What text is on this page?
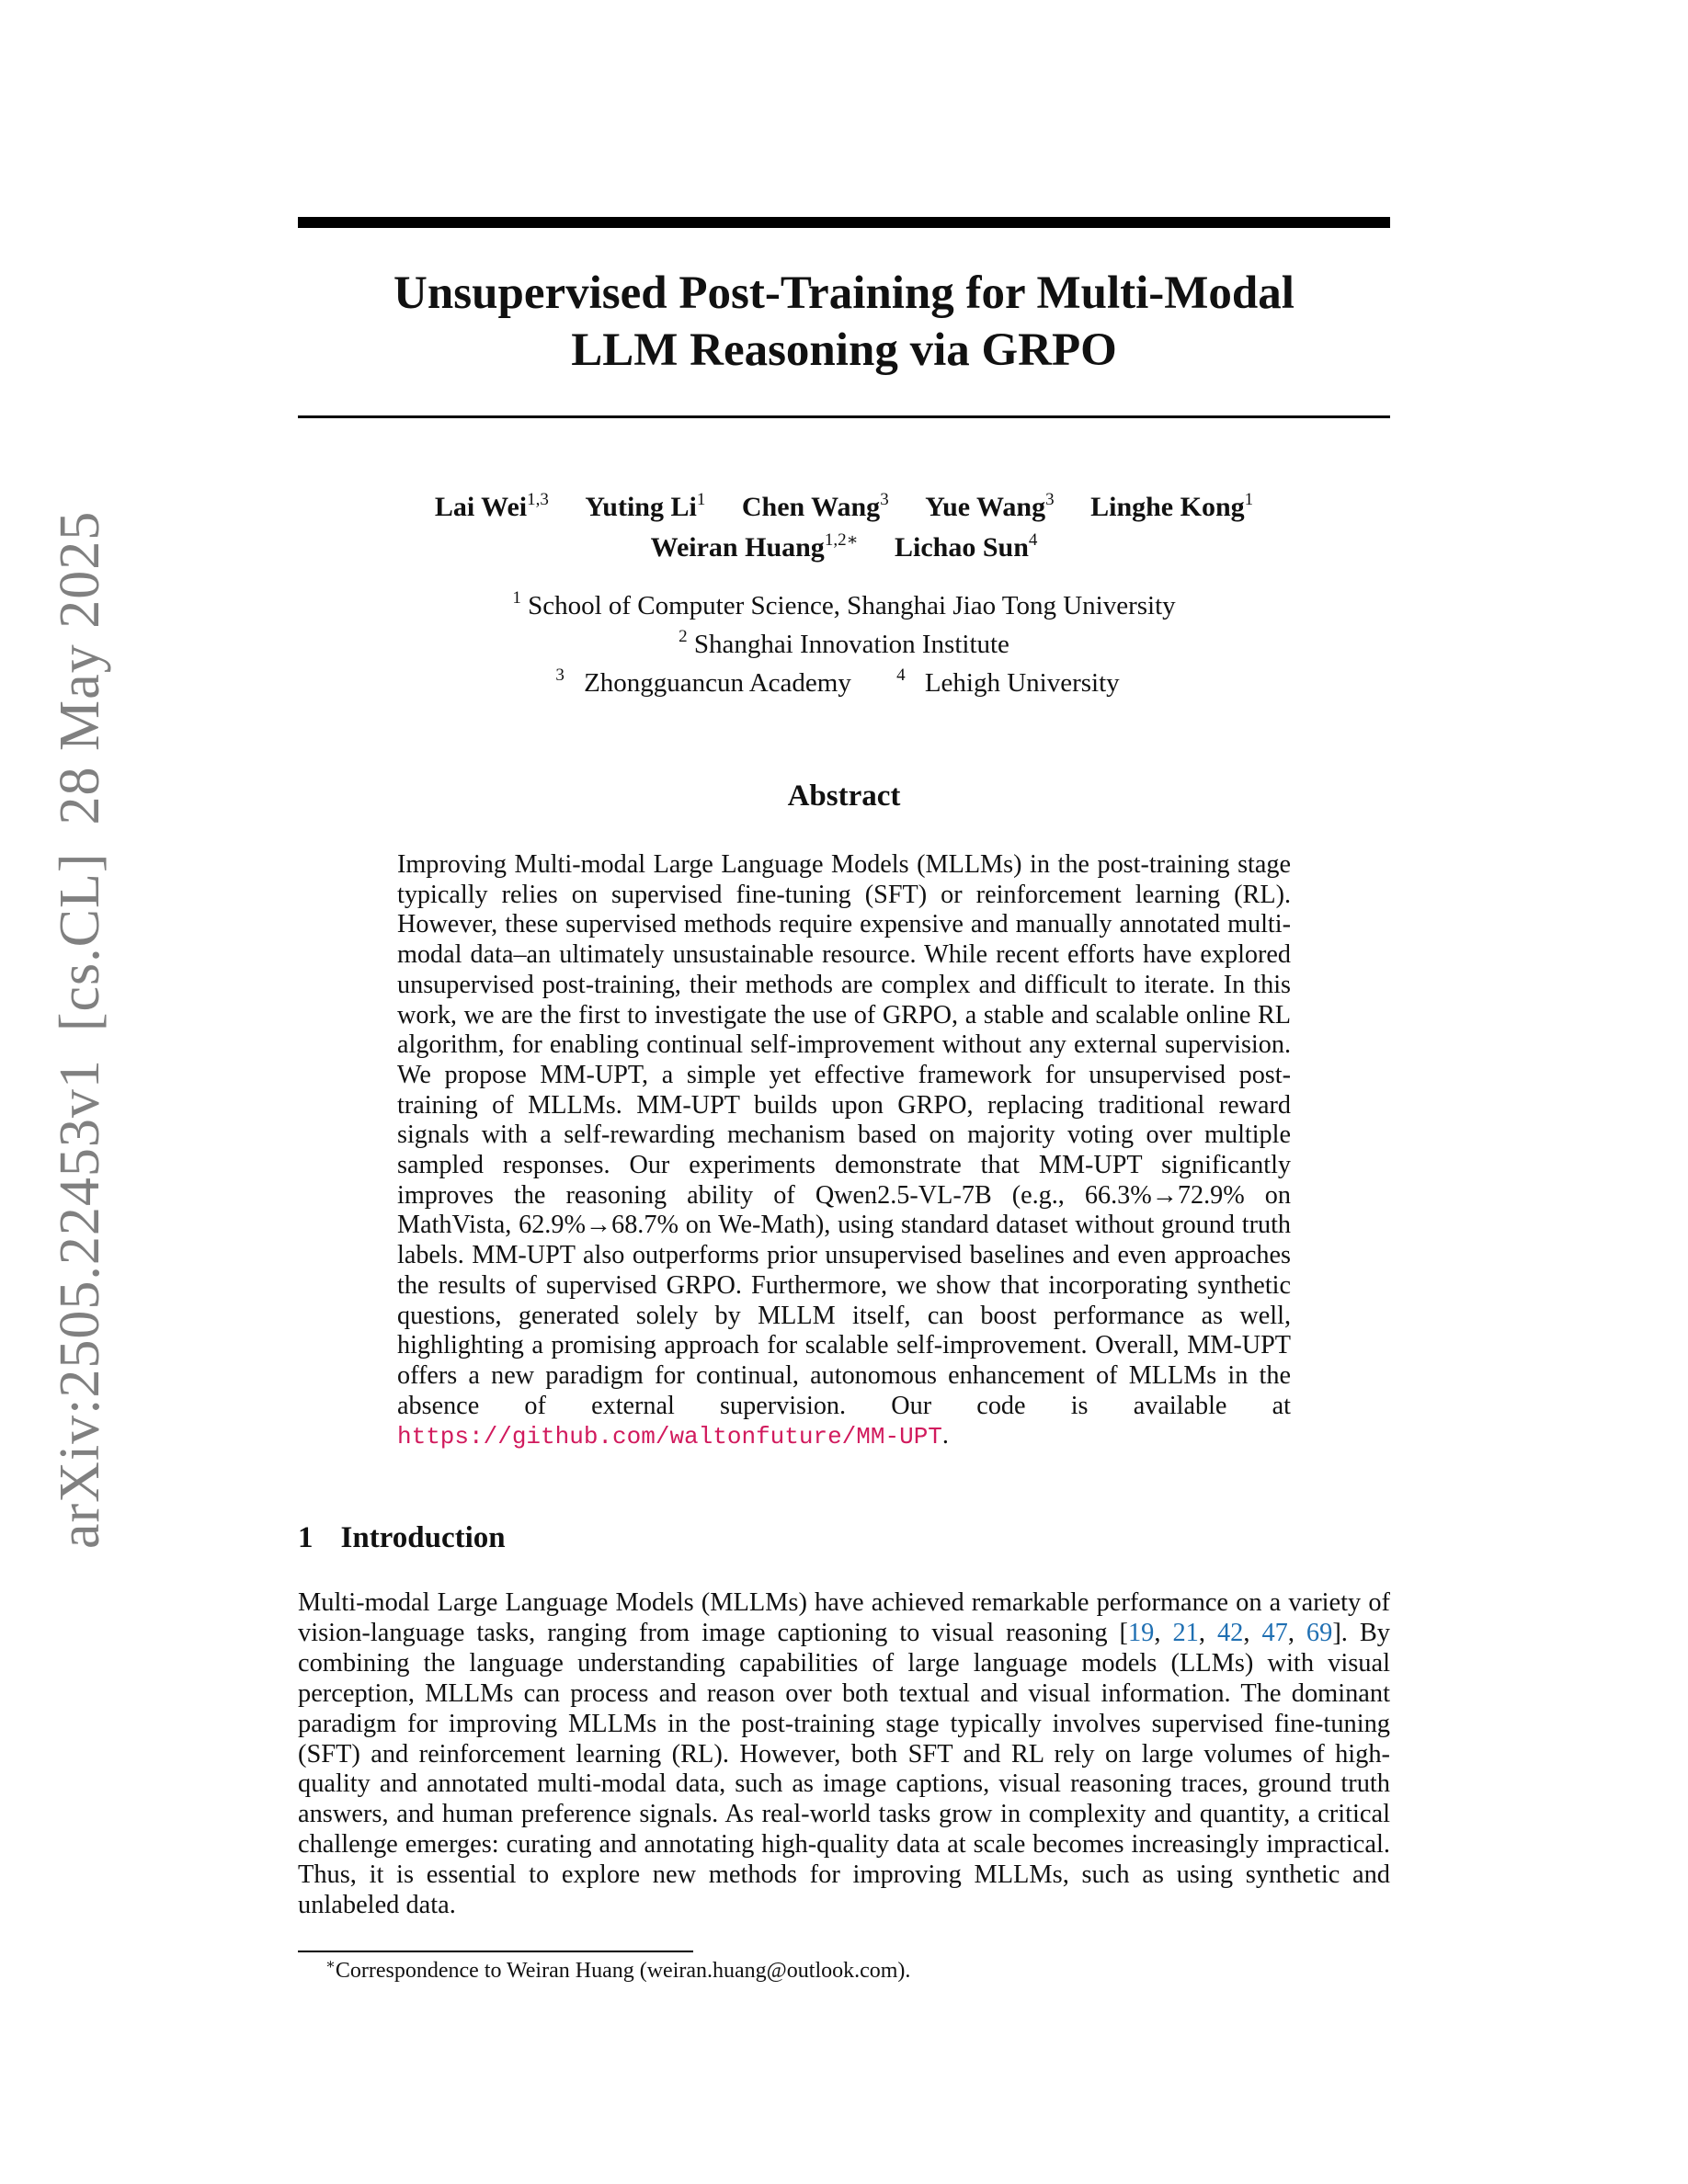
arXiv:2505.22453v1[cs.CL]28 May 2025
Unsupervised Post-Training for Multi-Modal
LLM Reasoning via GRPO
Lai Wei$^{1,3}$ Yuting Li$^1$ Chen Wang$^3$ Yue Wang$^3$ Linghe Kong$^1$
Weiran Huang$^{1,2∗}$ Lichao Sun$^4$
$^1$ School of Computer Science, Shanghai Jiao Tong University
$^2$ Shanghai Innovation Institute
$^3$ Zhongguancun Academy	$^4$ Lehigh University
Abstract
Improving Multi-modal Large Language Models (MLLMs) in the post-training stage typically relies on supervised fine-tuning (SFT) or reinforcement learning (RL). However, these supervised methods require expensive and manually annotated multi-modal data–an ultimately unsustainable resource. While recent efforts have explored unsupervised post-training, their methods are complex and difficult to iterate. In this work, we are the first to investigate the use of GRPO, a stable and scalable online RL algorithm, for enabling continual self-improvement without any external supervision. We propose MM-UPT, a simple yet effective framework for unsupervised post-training of MLLMs. MM-UPT builds upon GRPO, replacing traditional reward signals with a self-rewarding mechanism based on majority voting over multiple sampled responses. Our experiments demonstrate that MM-UPT significantly improves the reasoning ability of Qwen2.5-VL-7B (e.g., 66.3%→72.9% on MathVista, 62.9%→68.7% on We-Math), using standard dataset without ground truth labels. MM-UPT also outperforms prior unsupervised baselines and even approaches the results of supervised GRPO. Furthermore, we show that incorporating synthetic questions, generated solely by MLLM itself, can boost performance as well, highlighting a promising approach for scalable self-improvement. Overall, MM-UPT offers a new paradigm for continual, autonomous enhancement of MLLMs in the absence of external supervision. Our code is available at https://github.com/waltonfuture/MM-UPT.
1 Introduction
Multi-modal Large Language Models (MLLMs) have achieved remarkable performance on a variety of vision-language tasks, ranging from image captioning to visual reasoning [19, 21, 42, 47, 69]. By combining the language understanding capabilities of large language models (LLMs) with visual perception, MLLMs can process and reason over both textual and visual information. The dominant paradigm for improving MLLMs in the post-training stage typically involves supervised fine-tuning (SFT) and reinforcement learning (RL). However, both SFT and RL rely on large volumes of high-quality and annotated multi-modal data, such as image captions, visual reasoning traces, ground truth answers, and human preference signals. As real-world tasks grow in complexity and quantity, a critical challenge emerges: curating and annotating high-quality data at scale becomes increasingly impractical. Thus, it is essential to explore new methods for improving MLLMs, such as using synthetic and unlabeled data.
∗Correspondence to Weiran Huang (weiran.huang@outlook.com).
